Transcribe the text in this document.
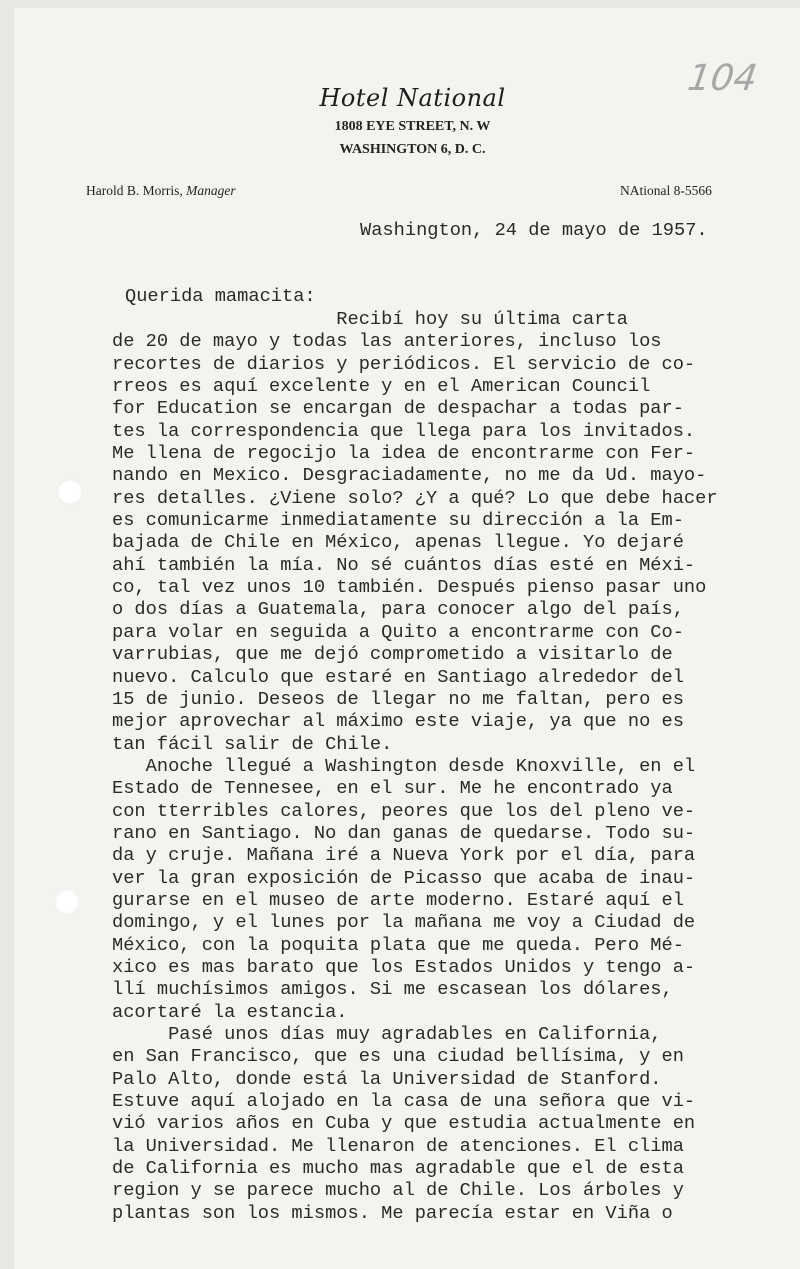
104
Hotel National
1808 EYE STREET, N. W
WASHINGTON 6, D. C.
Harold B. Morris, Manager	NAtional 8-5566
Washington, 24 de mayo de 1957.
Querida mamacita:
Recibí hoy su última carta
de 20 de mayo y todas las anteriores, incluso los
recortes de diarios y periódicos. El servicio de co-
rreos es aquí excelente y en el American Council
for Education se encargan de despachar a todas par-
tes la correspondencia que llega para los invitados.
Me llena de regocijo la idea de encontrarme con Fer-
nando en Mexico. Desgraciadamente, no me da Ud. mayo-
res detalles. ¿Viene solo? ¿Y a qué? Lo que debe hacer
es comunicarme inmediatamente su dirección a la Em-
bajada de Chile en México, apenas llegue. Yo dejaré
ahí también la mía. No sé cuántos días esté en Méxi-
co, tal vez unos 10 también. Después pienso pasar uno
o dos días a Guatemala, para conocer algo del país,
para volar en seguida a Quito a encontrarme con Co-
varrubias, que me dejó comprometido a visitarlo de
nuevo. Calculo que estaré en Santiago alrededor del
15 de junio. Deseos de llegar no me faltan, pero es
mejor aprovechar al máximo este viaje, ya que no es
tan fácil salir de Chile.
Anoche llegué a Washington desde Knoxville, en el
Estado de Tennesee, en el sur. Me he encontrado ya
con tterribles calores, peores que los del pleno ve-
rano en Santiago. No dan ganas de quedarse. Todo su-
da y cruje. Mañana iré a Nueva York por el día, para
ver la gran exposición de Picasso que acaba de inau-
gurarse en el museo de arte moderno. Estaré aquí el
domingo, y el lunes por la mañana me voy a Ciudad de
México, con la poquita plata que me queda. Pero Mé-
xico es mas barato que los Estados Unidos y tengo a-
llí muchísimos amigos. Si me escasean los dólares,
acortaré la estancia.
Pasé unos días muy agradables en California,
en San Francisco, que es una ciudad bellísima, y en
Palo Alto, donde está la Universidad de Stanford.
Estuve aquí alojado en la casa de una señora que vi-
vió varios años en Cuba y que estudia actualmente en
la Universidad. Me llenaron de atenciones. El clima
de California es mucho mas agradable que el de esta
region y se parece mucho al de Chile. Los árboles y
plantas son los mismos. Me parecía estar en Viña o
